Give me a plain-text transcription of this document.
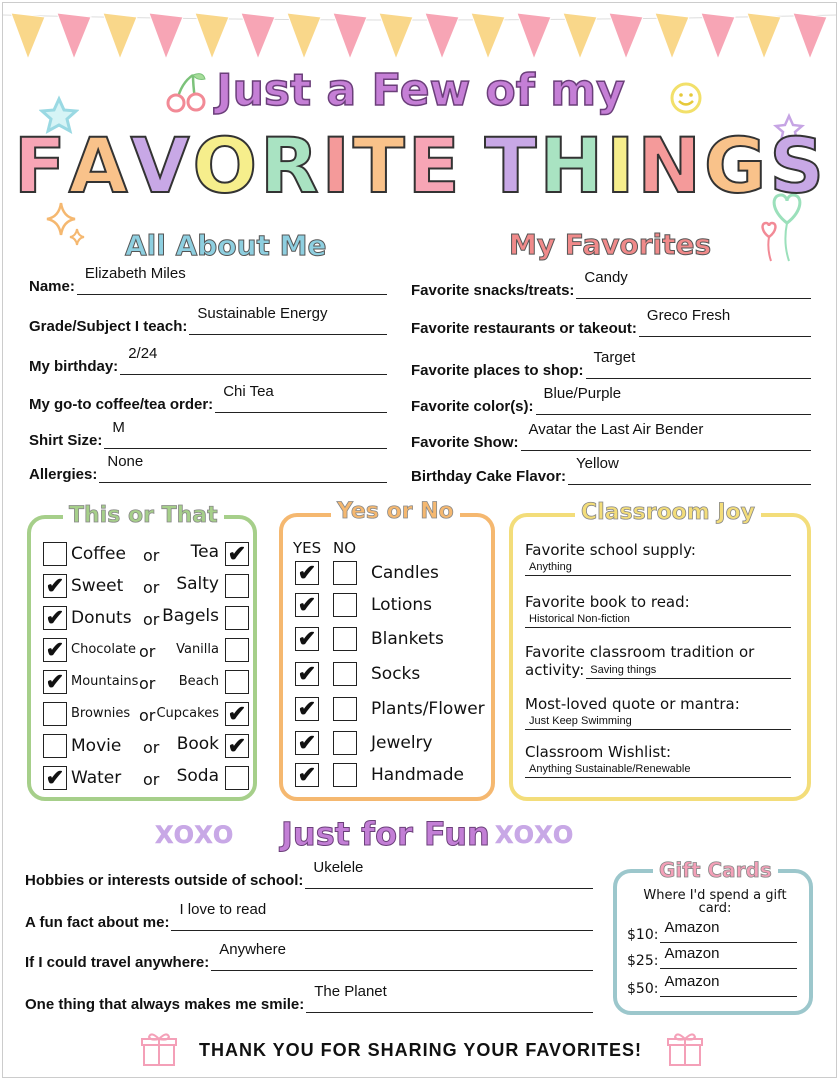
Just a Few of my
FAVORITE THINGS
All About Me	My Favorites
Name:
Elizabeth Miles
Grade/Subject I teach:
Sustainable Energy
My birthday:
2/24
My go-to coffee/tea order:
Chi Tea
Shirt Size:
M
Allergies:
None
Favorite snacks/treats:
Candy
Favorite restaurants or takeout:
Greco Fresh
Favorite places to shop:
Target
Favorite color(s):
Blue/Purple
Favorite Show:
Avatar the Last Air Bender
Birthday Cake Flavor:
Yellow
This or That
Coffee or Tea ✔
✔ Sweet or Salty
✔ Donuts or Bagels
✔ Chocolate or Vanilla
✔ Mountains or Beach
Brownies or Cupcakes ✔
Movie or Book ✔
✔ Water or Soda
Yes or No
YES NO
✔	Candles
✔	Lotions
✔	Blankets
✔	Socks
✔	Plants/Flower
✔	Jewelry
✔	Handmade
Classroom Joy
Favorite school supply:
Anything
Favorite book to read:
Historical Non-fiction
Favorite classroom tradition or
activity: Saving things
Most-loved quote or mantra:
Just Keep Swimming
Classroom Wishlist:
Anything Sustainable/Renewable
XOXO Just for Fun XOXO
Hobbies or interests outside of school:
Ukelele
A fun fact about me:
I love to read
If I could travel anywhere:
Anywhere
One thing that always makes me smile:
The Planet
Gift Cards
Where I'd spend a gift card:
$10: Amazon
$25: Amazon
$50: Amazon
THANK YOU FOR SHARING YOUR FAVORITES!
